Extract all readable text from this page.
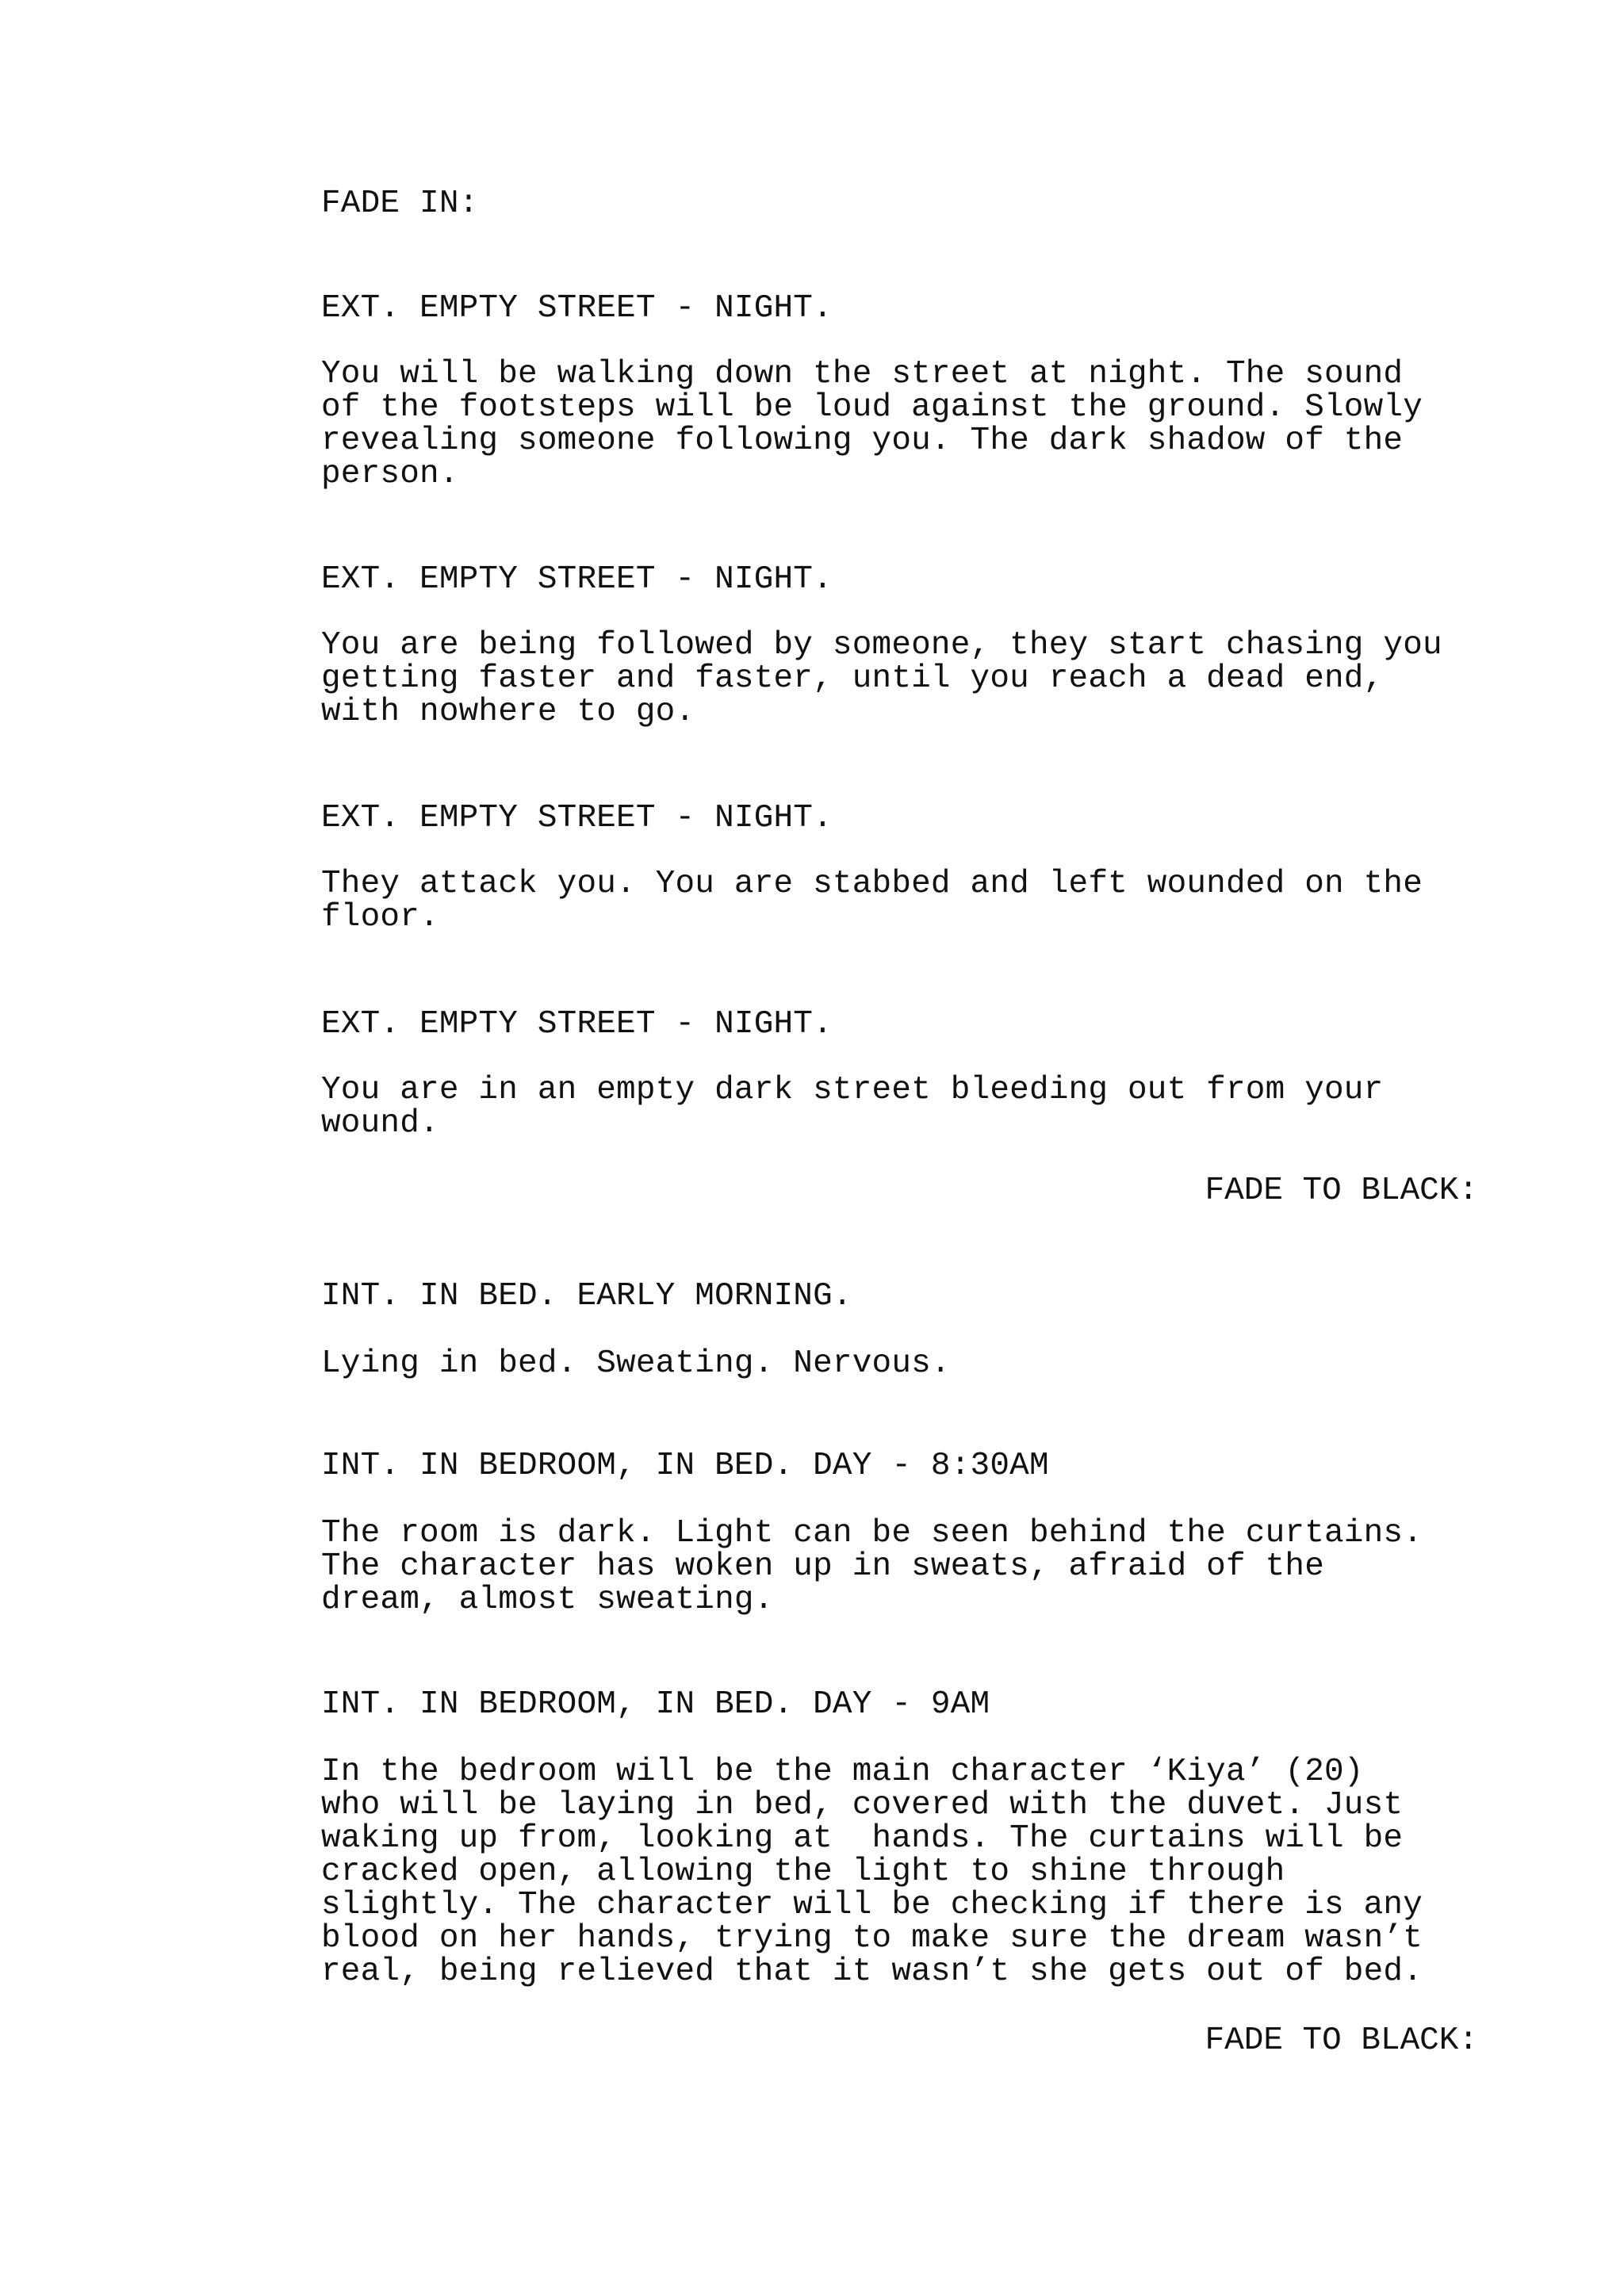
FADE IN:

EXT. EMPTY STREET - NIGHT.

You will be walking down the street at night. The sound
of the footsteps will be loud against the ground. Slowly
revealing someone following you. The dark shadow of the
person.

EXT. EMPTY STREET - NIGHT.

You are being followed by someone, they start chasing you
getting faster and faster, until you reach a dead end,
with nowhere to go.

EXT. EMPTY STREET - NIGHT.

They attack you. You are stabbed and left wounded on the
floor.

EXT. EMPTY STREET - NIGHT.

You are in an empty dark street bleeding out from your
wound.

FADE TO BLACK:

INT. IN BED. EARLY MORNING.

Lying in bed. Sweating. Nervous.

INT. IN BEDROOM, IN BED. DAY - 8:30AM

The room is dark. Light can be seen behind the curtains.
The character has woken up in sweats, afraid of the
dream, almost sweating.

INT. IN BEDROOM, IN BED. DAY - 9AM

In the bedroom will be the main character ‘Kiya’ (20)
who will be laying in bed, covered with the duvet. Just
waking up from, looking at  hands. The curtains will be
cracked open, allowing the light to shine through
slightly. The character will be checking if there is any
blood on her hands, trying to make sure the dream wasn’t
real, being relieved that it wasn’t she gets out of bed.

FADE TO BLACK:
